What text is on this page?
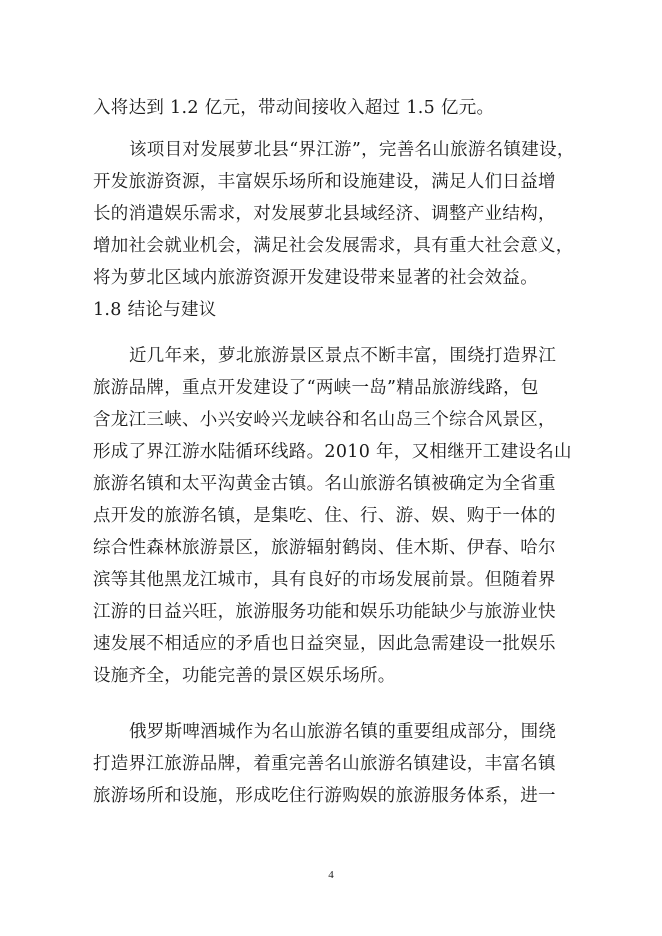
入将达到 1.2 亿元，带动间接收入超过 1.5 亿元。
该项目对发展萝北县“界江游”，完善名山旅游名镇建设，
开发旅游资源，丰富娱乐场所和设施建设，满足人们日益增
长的消遣娱乐需求，对发展萝北县域经济、调整产业结构，
增加社会就业机会，满足社会发展需求，具有重大社会意义，
将为萝北区域内旅游资源开发建设带来显著的社会效益。
1.8 结论与建议
近几年来，萝北旅游景区景点不断丰富，围绕打造界江
旅游品牌，重点开发建设了“两峡一岛”精品旅游线路，包
含龙江三峡、小兴安岭兴龙峡谷和名山岛三个综合风景区，
形成了界江游水陆循环线路。2010 年，又相继开工建设名山
旅游名镇和太平沟黄金古镇。名山旅游名镇被确定为全省重
点开发的旅游名镇，是集吃、住、行、游、娱、购于一体的
综合性森林旅游景区，旅游辐射鹤岗、佳木斯、伊春、哈尔
滨等其他黑龙江城市，具有良好的市场发展前景。但随着界
江游的日益兴旺，旅游服务功能和娱乐功能缺少与旅游业快
速发展不相适应的矛盾也日益突显，因此急需建设一批娱乐
设施齐全，功能完善的景区娱乐场所。
俄罗斯啤酒城作为名山旅游名镇的重要组成部分，围绕
打造界江旅游品牌，着重完善名山旅游名镇建设，丰富名镇
旅游场所和设施，形成吃住行游购娱的旅游服务体系，进一
4
